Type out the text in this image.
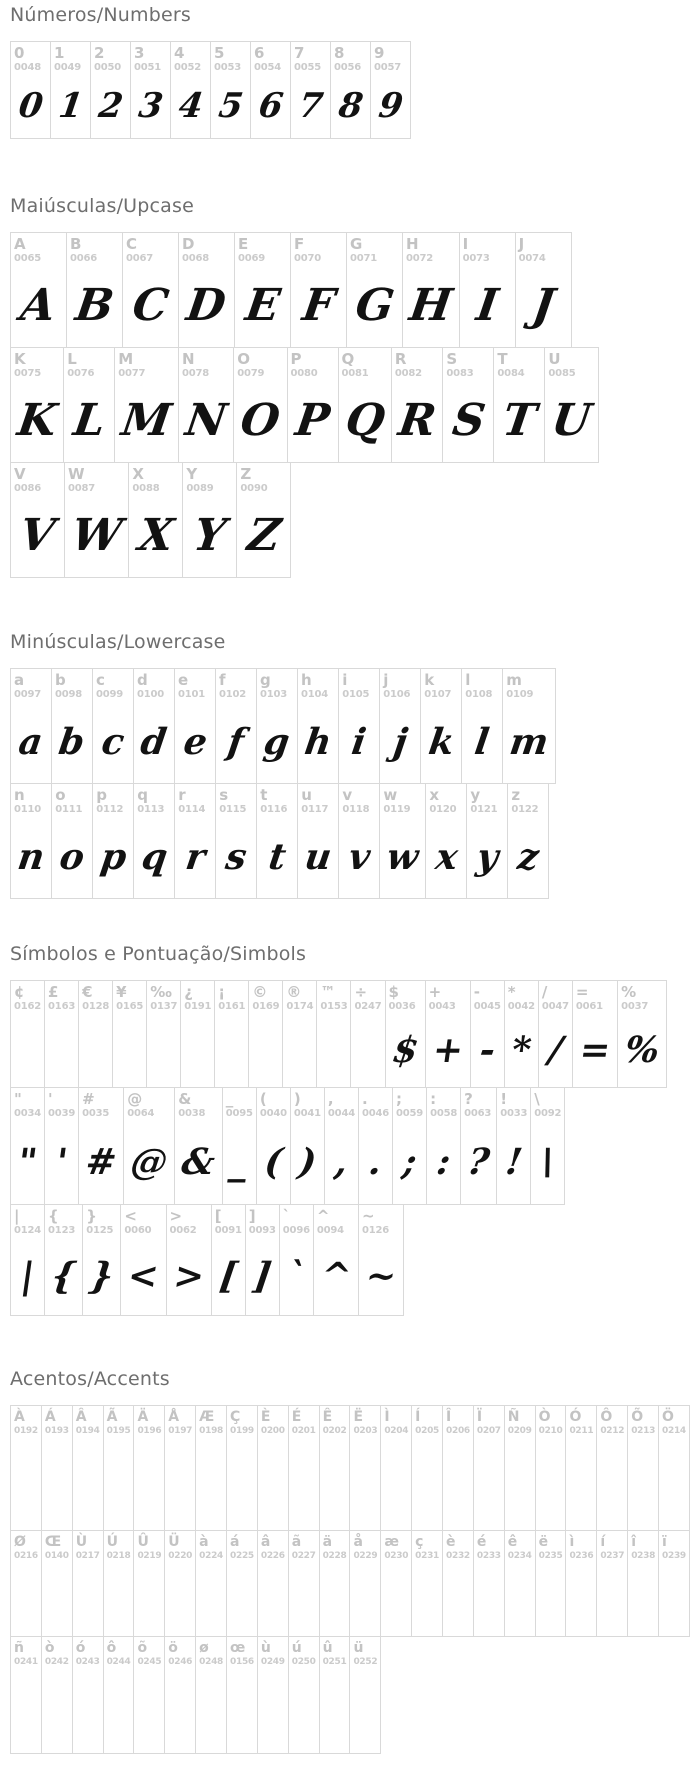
Números/Numbers
0
0048
0
1
0049
1
2
0050
2
3
0051
3
4
0052
4
5
0053
5
6
0054
6
7
0055
7
8
0056
8
9
0057
9
Maiúsculas/Upcase
A
0065
A
B
0066
B
C
0067
C
D
0068
D
E
0069
E
F
0070
F
G
0071
G
H
0072
H
I
0073
I
J
0074
J
K
0075
K
L
0076
L
M
0077
M
N
0078
N
O
0079
O
P
0080
P
Q
0081
Q
R
0082
R
S
0083
S
T
0084
T
U
0085
U
V
0086
V
W
0087
W
X
0088
X
Y
0089
Y
Z
0090
Z
Minúsculas/Lowercase
a
0097
a
b
0098
b
c
0099
c
d
0100
d
e
0101
e
f
0102
f
g
0103
g
h
0104
h
i
0105
i
j
0106
j
k
0107
k
l
0108
l
m
0109
m
n
0110
n
o
0111
o
p
0112
p
q
0113
q
r
0114
r
s
0115
s
t
0116
t
u
0117
u
v
0118
v
w
0119
w
x
0120
x
y
0121
y
z
0122
z
Símbolos e Pontuação/Simbols
¢
0162
£
0163
€
0128
¥
0165
‰
0137
¿
0191
¡
0161
©
0169
®
0174
™
0153
÷
0247
$
0036
$
+
0043
+
-
0045
-
*
0042
*
/
0047
/
=
0061
=
%
0037
%
"
0034
"
'
0039
'
#
0035
#
@
0064
@
&
0038
&
_
0095
_
(
0040
(
)
0041
)
,
0044
,
.
0046
.
;
0059
;
:
0058
:
?
0063
?
!
0033
!
\
0092
\
|
0124
|
{
0123
{
}
0125
}
<
0060
<
>
0062
>
[
0091
[
]
0093
]
`
0096
`
^
0094
^
~
0126
~
Acentos/Accents
À
0192
Á
0193
Â
0194
Ã
0195
Ä
0196
Å
0197
Æ
0198
Ç
0199
È
0200
É
0201
Ê
0202
Ë
0203
Ì
0204
Í
0205
Î
0206
Ï
0207
Ñ
0209
Ò
0210
Ó
0211
Ô
0212
Õ
0213
Ö
0214
Ø
0216
Œ
0140
Ù
0217
Ú
0218
Û
0219
Ü
0220
à
0224
á
0225
â
0226
ã
0227
ä
0228
å
0229
æ
0230
ç
0231
è
0232
é
0233
ê
0234
ë
0235
ì
0236
í
0237
î
0238
ï
0239
ñ
0241
ò
0242
ó
0243
ô
0244
õ
0245
ö
0246
ø
0248
œ
0156
ù
0249
ú
0250
û
0251
ü
0252
